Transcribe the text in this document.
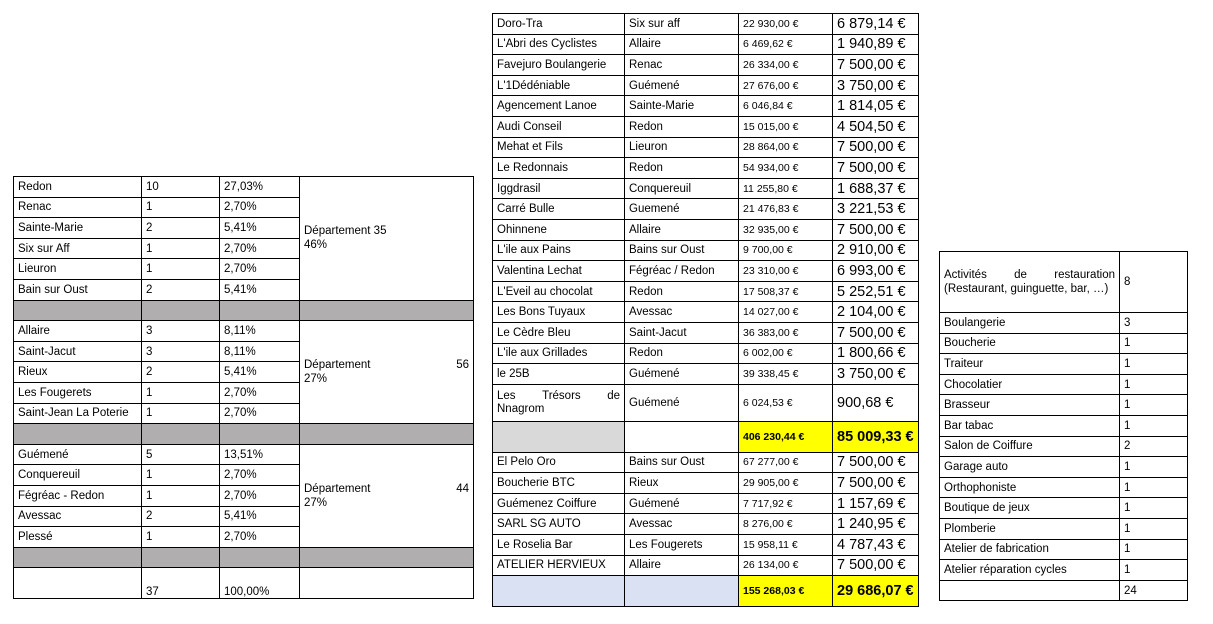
Redon	10	27,03%	Département 35
46%

Renac	1	2,70%	
Sainte-Marie	2	5,41%	
Six sur Aff	1	2,70%	
Lieuron	1	2,70%	
Bain sur Oust	2	5,41%	

Allaire	3	8,11%	Département 56
27%

Saint-Jacut	3	8,11%	
Rieux	2	5,41%	
Les Fougerets	1	2,70%	
Saint-Jean La Poterie	1	2,70%	

Guémené	5	13,51%	Département 44
27%

Conquereuil	1	2,70%	
Fégréac - Redon	1	2,70%	
Avessac	2	5,41%	
Plessé	1	2,70%	

	37	100,00%	
Doro-Tra	Six sur aff	22 930,00 €	6 879,14 €
L'Abri des Cyclistes	Allaire	6 469,62 €	1 940,89 €
Favejuro Boulangerie	Renac	26 334,00 €	7 500,00 €
L'1Dédéniable	Guémené	27 676,00 €	3 750,00 €
Agencement Lanoe	Sainte-Marie	6 046,84 €	1 814,05 €
Audi Conseil	Redon	15 015,00 €	4 504,50 €
Mehat et Fils	Lieuron	28 864,00 €	7 500,00 €
Le Redonnais	Redon	54 934,00 €	7 500,00 €
Iggdrasil	Conquereuil	11 255,80 €	1 688,37 €
Carré Bulle	Guemené	21 476,83 €	3 221,53 €
Ohinnene	Allaire	32 935,00 €	7 500,00 €
L'ile aux Pains	Bains sur Oust	9 700,00 €	2 910,00 €
Valentina Lechat	Fégréac / Redon	23 310,00 €	6 993,00 €
L'Eveil au chocolat	Redon	17 508,37 €	5 252,51 €
Les Bons Tuyaux	Avessac	14 027,00 €	2 104,00 €
Le Cèdre Bleu	Saint-Jacut	36 383,00 €	7 500,00 €
L'ile aux Grillades	Redon	6 002,00 €	1 800,66 €
le 25B	Guémené	39 338,45 €	3 750,00 €

Les Trésors de
Nnagrom	Guémené	6 024,53 €	900,68 €
		406 230,44 €	85 009,33 €
El Pelo Oro	Bains sur Oust	67 277,00 €	7 500,00 €
Boucherie BTC	Rieux	29 905,00 €	7 500,00 €
Guémenez Coiffure	Guémené	7 717,92 €	1 157,69 €
SARL SG AUTO	Avessac	8 276,00 €	1 240,95 €
Le Roselia Bar	Les Fougerets	15 958,11 €	4 787,43 €
ATELIER HERVIEUX	Allaire	26 134,00 €	7 500,00 €
		155 268,03 €	29 686,07 €
Activités de restauration (Restaurant, guinguette, bar, …)	8
Boulangerie	3
Boucherie	1
Traiteur	1
Chocolatier	1
Brasseur	1
Bar tabac	1
Salon de Coiffure	2
Garage auto	1
Orthophoniste	1
Boutique de jeux	1
Plomberie	1
Atelier de fabrication	1
Atelier réparation cycles	1
	24
